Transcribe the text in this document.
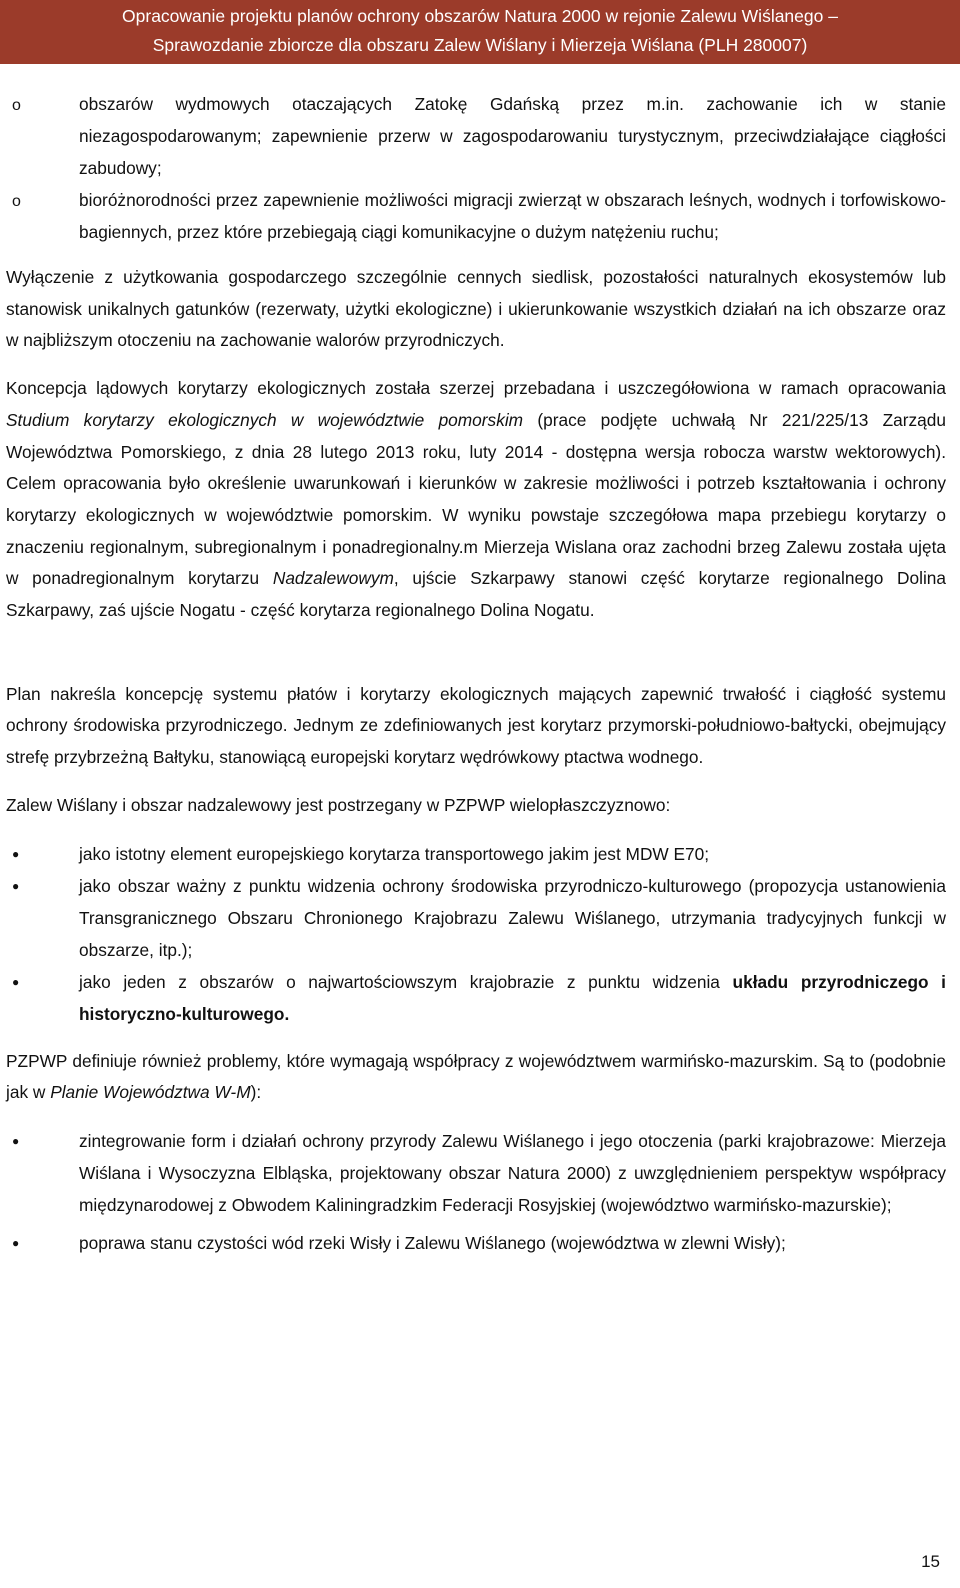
Opracowanie projektu planów ochrony obszarów Natura 2000 w rejonie Zalewu Wiślanego –
Sprawozdanie zbiorcze dla obszaru Zalew Wiślany i Mierzeja Wiślana (PLH 280007)
o
obszarów wydmowych otaczających Zatokę Gdańską przez m.in. zachowanie ich w stanie niezagospodarowanym; zapewnienie przerw w zagospodarowaniu turystycznym, przeciwdziałające ciągłości zabudowy;
o
bioróżnorodności przez zapewnienie możliwości migracji zwierząt w obszarach leśnych, wodnych i torfowiskowo-bagiennych, przez które przebiegają ciągi komunikacyjne o dużym natężeniu ruchu;

Wyłączenie z użytkowania gospodarczego szczególnie cennych siedlisk, pozostałości naturalnych ekosystemów lub stanowisk unikalnych gatunków (rezerwaty, użytki ekologiczne) i ukierunkowanie wszystkich działań na ich obszarze oraz w najbliższym otoczeniu na zachowanie walorów przyrodniczych.

Koncepcja lądowych korytarzy ekologicznych została szerzej przebadana i uszczegółowiona w ramach opracowania Studium korytarzy ekologicznych w województwie pomorskim (prace podjęte uchwałą Nr 221/225/13 Zarządu Województwa Pomorskiego, z dnia 28 lutego 2013 roku, luty 2014 - dostępna wersja robocza warstw wektorowych). Celem opracowania było określenie uwarunkowań i kierunków w zakresie możliwości i potrzeb kształtowania i ochrony korytarzy ekologicznych w województwie pomorskim. W wyniku powstaje szczegółowa mapa przebiegu korytarzy o znaczeniu regionalnym, subregionalnym i ponadregionalny.m Mierzeja Wislana oraz zachodni brzeg Zalewu została ujęta w ponadregionalnym korytarzu Nadzalewowym, ujście Szkarpawy stanowi część korytarze regionalnego Dolina Szkarpawy, zaś ujście Nogatu - część korytarza regionalnego Dolina Nogatu.

Plan nakreśla koncepcję systemu płatów i korytarzy ekologicznych mających zapewnić trwałość i ciągłość systemu ochrony środowiska przyrodniczego. Jednym ze zdefiniowanych jest korytarz przymorski-południowo-bałtycki, obejmujący strefę przybrzeżną Bałtyku, stanowiącą europejski korytarz wędrówkowy ptactwa wodnego.

Zalew Wiślany i obszar nadzalewowy jest postrzegany w PZPWP wielopłaszczyznowo:

●
jako istotny element europejskiego korytarza transportowego jakim jest MDW E70;
●
jako obszar ważny z punktu widzenia ochrony środowiska przyrodniczo-kulturowego (propozycja ustanowienia Transgranicznego Obszaru Chronionego Krajobrazu Zalewu Wiślanego, utrzymania tradycyjnych funkcji w obszarze, itp.);
●
jako jeden z obszarów o najwartościowszym krajobrazie z punktu widzenia układu przyrodniczego i historyczno-kulturowego.

PZPWP definiuje również problemy, które wymagają współpracy z województwem warmińsko-mazurskim. Są to (podobnie jak w Planie Województwa W-M):

●
zintegrowanie form i działań ochrony przyrody Zalewu Wiślanego i jego otoczenia (parki krajobrazowe: Mierzeja Wiślana i Wysoczyzna Elbląska, projektowany obszar Natura 2000) z uwzględnieniem perspektyw współpracy międzynarodowej z Obwodem Kaliningradzkim Federacji Rosyjskiej (województwo warmińsko-mazurskie);
●
poprawa stanu czystości wód rzeki Wisły i Zalewu Wiślanego (województwa w zlewni Wisły);
15
